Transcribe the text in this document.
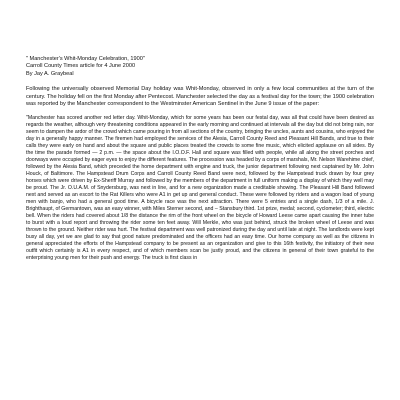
" Manchester's Whit-Monday Celebration, 1900"

Carroll County Times article for 4 June 2000

By Jay A. Graybeal

Following the universally observed Memorial Day holiday was Whit-Monday, observed in only a few local communities at the turn of the century. The holiday fell on the first Monday after Pentecost. Manchester selected the day as a festival day for the town; the 1900 celebration was reported by the Manchester correspondent to the Westminster American Sentinel in the June 9 issue of the paper:

"Manchester has scored another red letter day. Whit-Monday, which for some years has been our festal day, was all that could have been desired as regards the weather, although very threatening conditions appeared in the early morning and continued at intervals all the day but did not bring rain, nor seem to dampen the ardor of the crowd which came pouring in from all sections of the country, bringing the uncles, aunts and cousins, who enjoyed the day in a generally happy manner. The firemen had employed the services of the Alesia, Carroll County Reed and Pleasant Hill Bands, and true to their calls they were early on hand and about the square and public places treated the crowds to some fine music, which elicited applause on all sides. By the time the parade formed — 2 p.m. — the space about the I.O.O.F. Hall and square was filled with people, while all along the street porches and doorways were occupied by eager eyes to enjoy the different features. The procession was headed by a corps of marshals, Mr. Nelson Warehime chief, followed by the Alesia Band, which preceded the home department with engine and truck, the junior department following next captained by Mr. John Houck, of Baltimore. The Hampstead Drum Corps and Carroll County Reed Band were next, followed by the Hampstead truck drawn by four grey horses which were driven by Ex-Sheriff Murray and followed by the members of the department in full uniform making a display of which they well may be proud. The Jr. O.U.A.M. of Snydersburg, was next in line, and for a new organization made a creditable showing. The Pleasant Hill Band followed next and served as an escort to the Rat Killers who were A1 in get up and general conduct. These were followed by riders and a wagon load of young men with banjo, who had a general good time. A bicycle race was the next attraction. There were 5 entries and a single dash, 1/3 of a mile. J. Brighthaupt, of Germantown, was an easy winner, with Miles Sterner second, and – Stansbury third. 1st prize, medal; second, cyclometer; third, electric bell. When the riders had covered about 1/8 the distance the rim of the front wheel on the bicycle of Howard Leese came apart causing the inner tube to burst with a loud report and throwing the rider some ten feet away. Will Merkle, who was just behind, struck the broken wheel of Leese and was thrown to the ground. Neither rider was hurt. The festival department was well patronized during the day and until late at night. The landlords were kept busy all day, yet we are glad to say that good nature predominated and the officers had an easy time. Our home company as well as the citizens in general appreciated the efforts of the Hampstead company to be present as an organization and give to this 16th festivity, the initiatory of their new outfit which certainly is A1 in every respect, and of which members scan be justly proud, and the citizens in general of their town grateful to the enterprising young men for their push and energy. The truck is first class in
